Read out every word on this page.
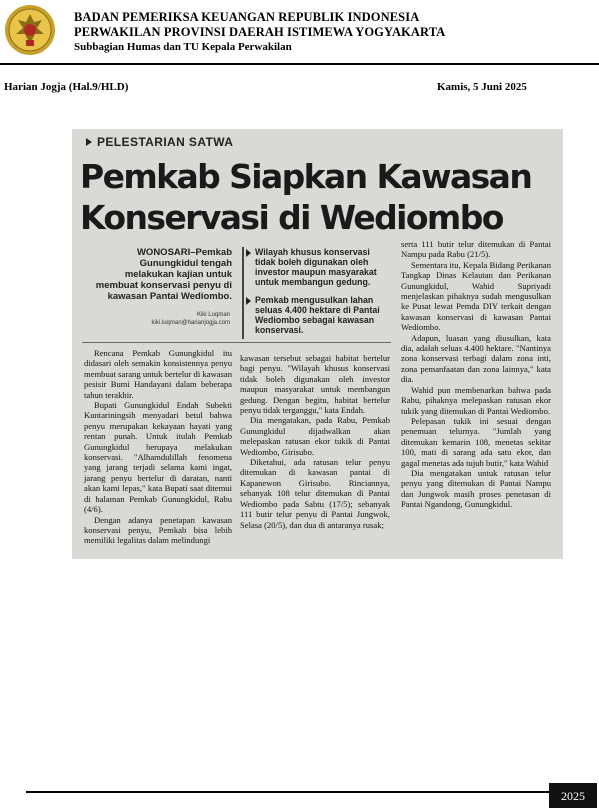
BADAN PEMERIKSA KEUANGAN REPUBLIK INDONESIA
PERWAKILAN PROVINSI DAERAH ISTIMEWA YOGYAKARTA
Subbagian Humas dan TU Kepala Perwakilan
Harian Jogja (Hal.9/HLD)	Kamis, 5 Juni 2025
PELESTARIAN SATWA
Pemkab Siapkan Kawasan
Konservasi di Wediombo
WONOSARI–Pemkab Gunungkidul tengah melakukan kajian untuk membuat konservasi penyu di kawasan Pantai Wediombo.
Kiki Luqman
kiki.luqman@harianjogja.com
Wilayah khusus konservasi tidak boleh digunakan oleh investor maupun masyarakat untuk membangun gedung.
Pemkab mengusulkan lahan seluas 4.400 hektare di Pantai Wediombo sebagai kawasan konservasi.

Rencana Pemkab Gunungkidul itu didasari oleh semakin konsistennya penyu membuat sarang untuk bertelur di kawasan pesisir Bumi Handayani dalam beberapa tahun terakhir.

Bupati Gunungkidul Endah Subekti Kuntariningsih menyadari betul bahwa penyu merupakan kekayaan hayati yang rentan punah. Untuk itulah Pemkab Gunungkidul berupaya melakukan konservasi. "Alhamdulillah fenomena yang jarang terjadi selama kami ingat, jarang penyu bertelur di daratan, nanti akan kami lepas," kata Bupati saat ditemui di halaman Pemkab Gunungkidul, Rabu (4/6).

Dengan adanya penetapan kawasan konservasi penyu, Pemkab bisa lebih memiliki legalitas dalam melindungi

kawasan tersebut sebagai habitat bertelur bagi penyu. "Wilayah khusus konservasi tidak boleh digunakan oleh investor maupun masyarakat untuk membangun gedung. Dengan begitu, habitat bertelur penyu tidak terganggu," kata Endah.

Dia mengatakan, pada Rabu, Pemkab Gunungkidul dijadwalkan akan melepaskan ratusan ekor tukik di Pantai Wediombo, Girisubo.

Diketahui, ada ratusan telur penyu ditemukan di kawasan pantai di Kapanewon Girisubo. Rinciannya, sebanyak 108 telur ditemukan di Pantai Wediombo pada Sabtu (17/5); sebanyak 111 butir telur penyu di Pantai Jungwok, Selasa (20/5), dan dua di antaranya rusak;

serta 111 butir telur ditemukan di Pantai Nampu pada Rabu (21/5).

Sementara itu, Kepala Bidang Perikanan Tangkap Dinas Kelautan dan Perikanan Gunungkidul, Wahid Supriyadi menjelaskan pihaknya sudah mengusulkan ke Pusat lewat Pemda DIY terkait dengan kawasan konservasi di kawasan Pantai Wediombo.

Adapun, luasan yang diusulkan, kata dia, adalah seluas 4.400 hektare. "Nantinya zona konservasi terbagi dalam zona inti, zona pemanfaatan dan zona lainnya," kata dia.

Wahid pun membenarkan bahwa pada Rabu, pihaknya melepaskan ratusan ekor tukik yang ditemukan di Pantai Wediombo.

Pelepasan tukik ini sesuai dengan penemuan telurnya. "Jumlah yang ditemukan kemarin 108, menetas sekitar 100, mati di sarang ada satu ekor, dan gagal menetas ada tujuh butir," kata Wahid

Dia mengatakan untuk ratusan telur penyu yang ditemukan di Pantai Nampu dan Jungwok masih proses penetasan di Pantai Ngandong, Gunungkidul.

2025
